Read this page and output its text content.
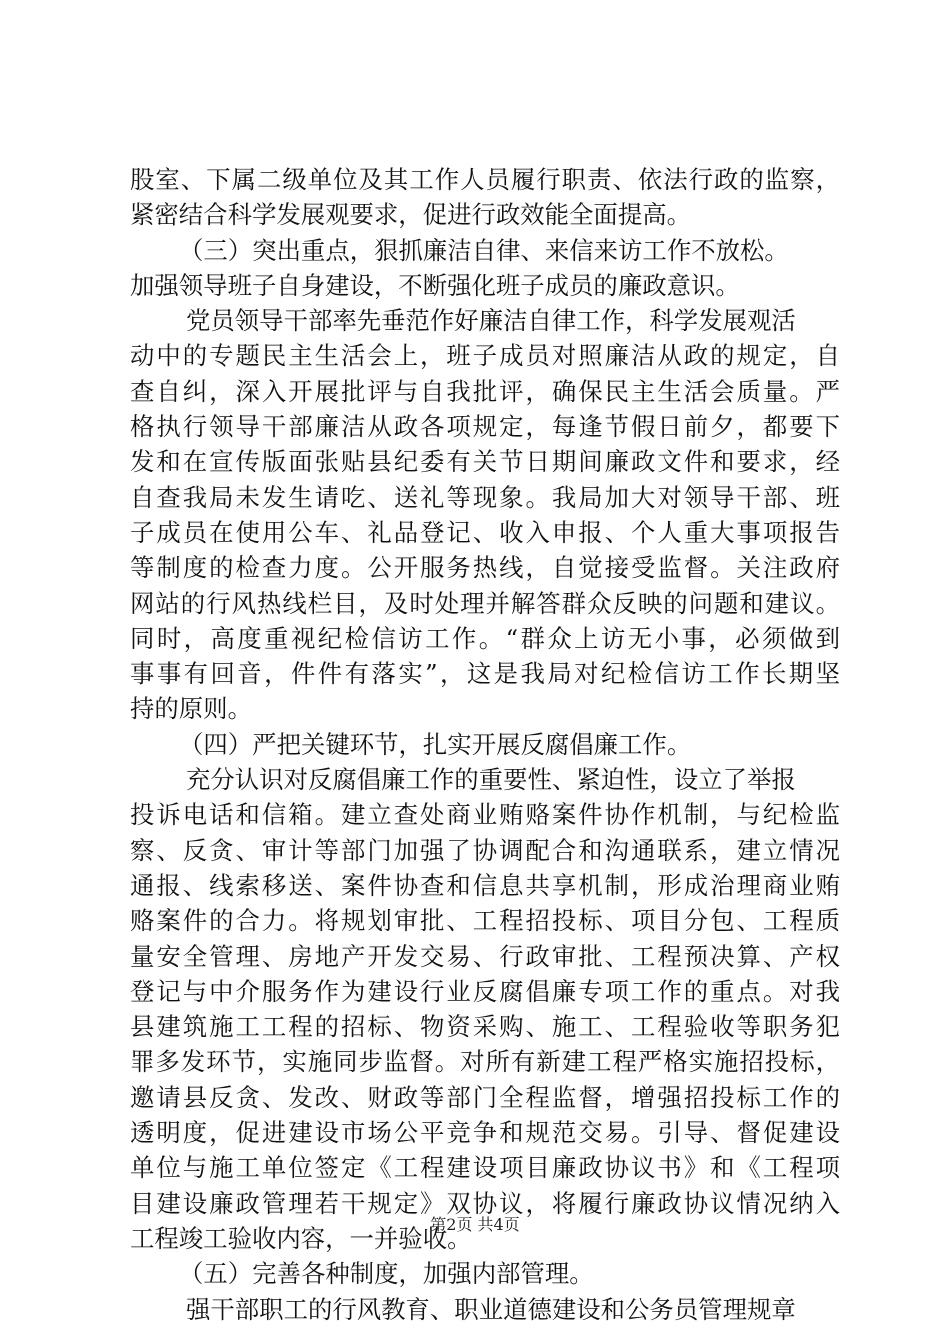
股室、下属二级单位及其工作人员履行职责、依法行政的监察，
紧密结合科学发展观要求，促进行政效能全面提高。
（三）突出重点，狠抓廉洁自律、来信来访工作不放松。
加强领导班子自身建设，不断强化班子成员的廉政意识。
党员领导干部率先垂范作好廉洁自律工作，科学发展观活
动中的专题民主生活会上，班子成员对照廉洁从政的规定，自
查自纠，深入开展批评与自我批评，确保民主生活会质量。严
格执行领导干部廉洁从政各项规定，每逢节假日前夕，都要下
发和在宣传版面张贴县纪委有关节日期间廉政文件和要求，经
自查我局未发生请吃、送礼等现象。我局加大对领导干部、班
子成员在使用公车、礼品登记、收入申报、个人重大事项报告
等制度的检查力度。公开服务热线，自觉接受监督。关注政府
网站的行风热线栏目，及时处理并解答群众反映的问题和建议。
同时，高度重视纪检信访工作。“群众上访无小事，必须做到
事事有回音，件件有落实”，这是我局对纪检信访工作长期坚
持的原则。
（四）严把关键环节，扎实开展反腐倡廉工作。
充分认识对反腐倡廉工作的重要性、紧迫性，设立了举报
投诉电话和信箱。建立查处商业贿赂案件协作机制，与纪检监
察、反贪、审计等部门加强了协调配合和沟通联系，建立情况
通报、线索移送、案件协查和信息共享机制，形成治理商业贿
赂案件的合力。将规划审批、工程招投标、项目分包、工程质
量安全管理、房地产开发交易、行政审批、工程预决算、产权
登记与中介服务作为建设行业反腐倡廉专项工作的重点。对我
县建筑施工工程的招标、物资采购、施工、工程验收等职务犯
罪多发环节，实施同步监督。对所有新建工程严格实施招投标，
邀请县反贪、发改、财政等部门全程监督，增强招投标工作的
透明度，促进建设市场公平竞争和规范交易。引导、督促建设
单位与施工单位签定《工程建设项目廉政协议书》和《工程项
目建设廉政管理若干规定》双协议，将履行廉政协议情况纳入
工程竣工验收内容，一并验收。
（五）完善各种制度，加强内部管理。
强干部职工的行风教育、职业道德建设和公务员管理规章
第2页 共4页
